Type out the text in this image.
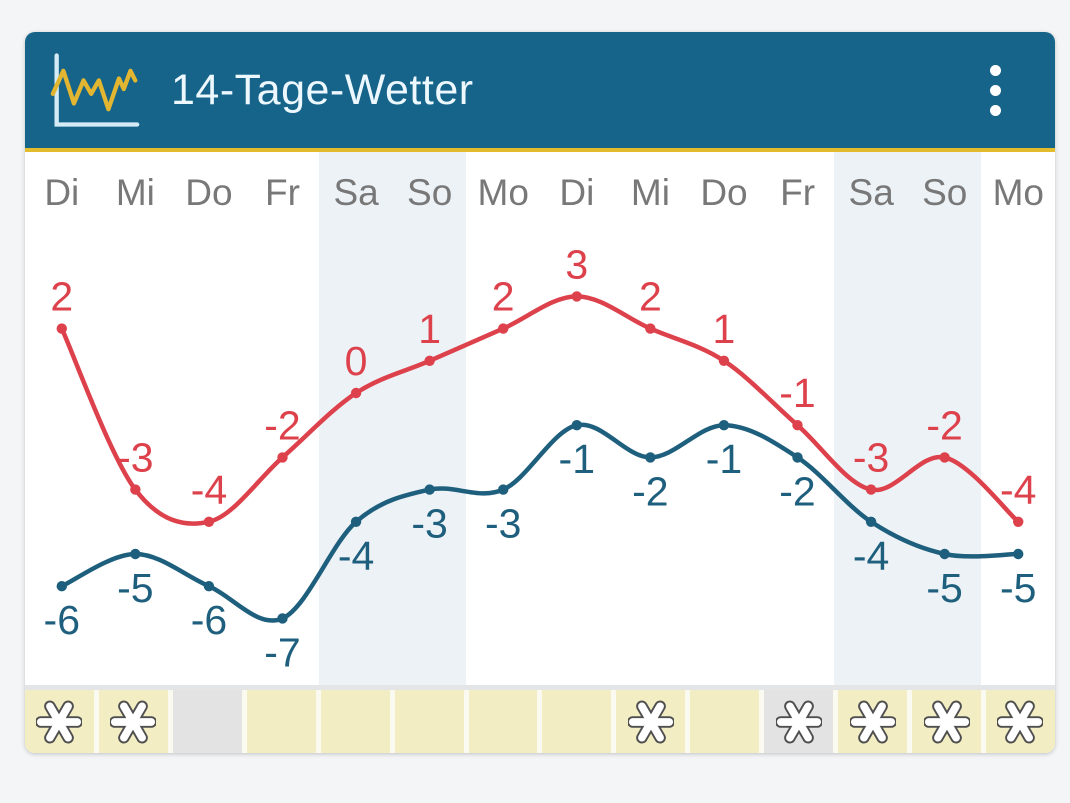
14-Tage-Wetter
Di Mi Do Fr Sa So Mo Di Mi Do Fr Sa So Mo
2
-3
-4
-2
0
1
2
3
2
1
-1
-3
-2
-4
-6
-5
-6
-7
-4
-3 -3
-1
-2
-1
-2
-4
-5 -5
